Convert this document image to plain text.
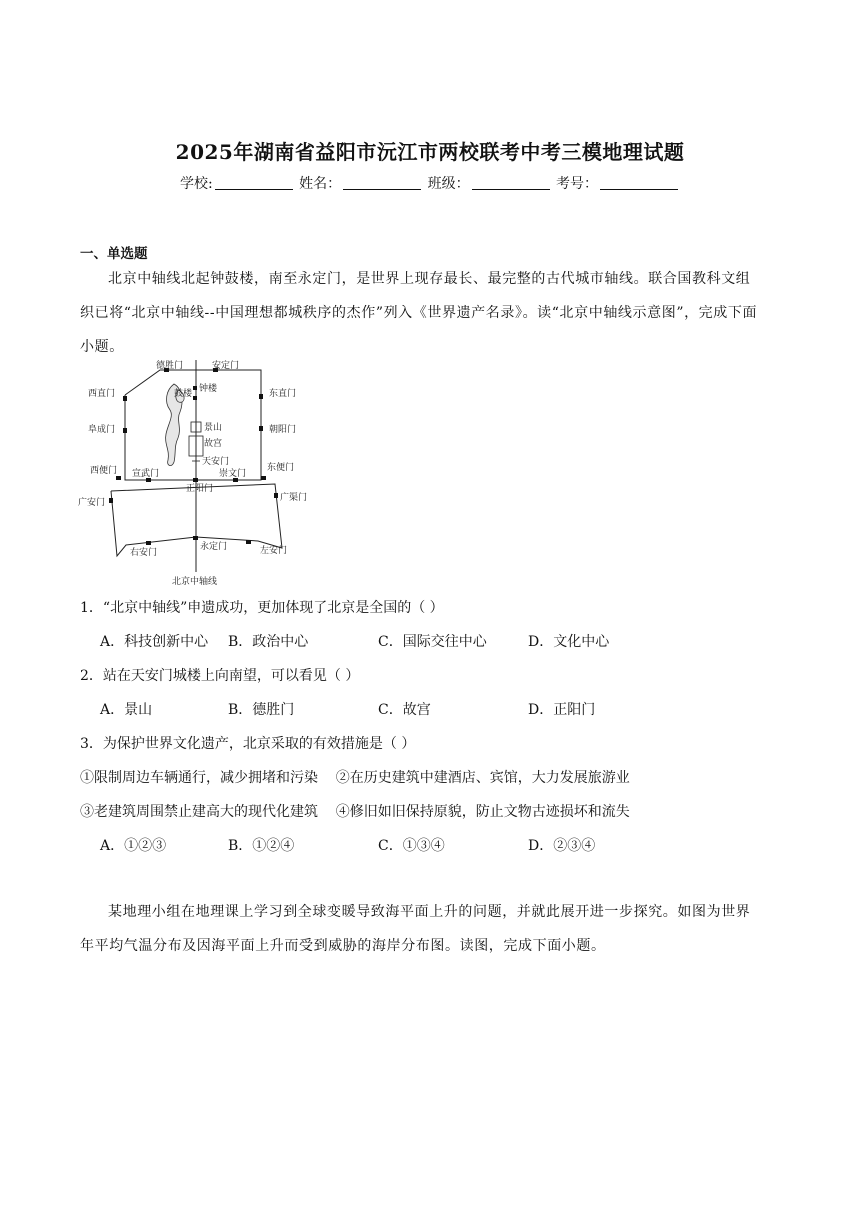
2025年湖南省益阳市沅江市两校联考中考三模地理试题
学校:	姓名：	班级：	考号：
一、单选题
北京中轴线北起钟鼓楼，南至永定门，是世界上现存最长、最完整的古代城市轴线。联合国教科文组
织已将“北京中轴线--中国理想都城秩序的杰作”列入《世界遗产名录》。读“北京中轴线示意图”，完成下面
小题。
德胜门	安定门
鼓楼 钟楼
西直门	东直门
阜成门	朝阳门
景山
故宫
天安门
西便门 宣武门	崇文门
东便门
正阳门
广安门	广渠门
右安门
永定门	左安门
北京中轴线
1．“北京中轴线”申遗成功，更加体现了北京是全国的（ ）
A．科技创新中心 B．政治中心	C．国际交往中心	D．文化中心
2．站在天安门城楼上向南望，可以看见（ ）
A．景山	B．德胜门	C．故宫	D．正阳门
3．为保护世界文化遗产，北京采取的有效措施是（ ）
①限制周边车辆通行，减少拥堵和污染    ②在历史建筑中建酒店、宾馆，大力发展旅游业
③老建筑周围禁止建高大的现代化建筑    ④修旧如旧保持原貌，防止文物古迹损坏和流失
A．①②③	B．①②④	C．①③④	D．②③④
某地理小组在地理课上学习到全球变暖导致海平面上升的问题，并就此展开进一步探究。如图为世界
年平均气温分布及因海平面上升而受到威胁的海岸分布图。读图，完成下面小题。
